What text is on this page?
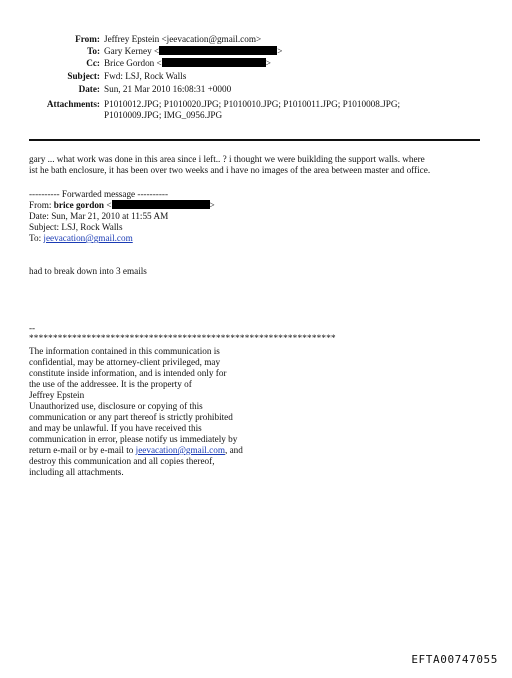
From: Jeffrey Epstein <jeevacation@gmail.com>
To: Gary Kerney <	>
Cc: Brice Gordon <	>
Subject: Fwd: LSJ, Rock Walls
Date: Sun, 21 Mar 2010 16:08:31 +0000
Attachments: P1010012.JPG; P1010020.JPG; P1010010.JPG; P1010011.JPG; P1010008.JPG;
P1010009.JPG; IMG_0956.JPG
gary ... what work was done in this area since i left.. ? i thought we were buiklding the support walls. where
ist he bath enclosure, it has been over two weeks and i have no images of the area between master and office.
---------- Forwarded message ----------
From: brice gordon <	>
Date: Sun, Mar 21, 2010 at 11:55 AM
Subject: LSJ, Rock Walls
To: jeevacation@gmail.com
had to break down into 3 emails
--
****************************************************************
The information contained in this communication is
confidential, may be attorney-client privileged, may
constitute inside information, and is intended only for
the use of the addressee. It is the property of
Jeffrey Epstein
Unauthorized use, disclosure or copying of this
communication or any part thereof is strictly prohibited
and may be unlawful. If you have received this
communication in error, please notify us immediately by
return e-mail or by e-mail to jeevacation@gmail.com, and
destroy this communication and all copies thereof,
including all attachments.
EFTA00747055
